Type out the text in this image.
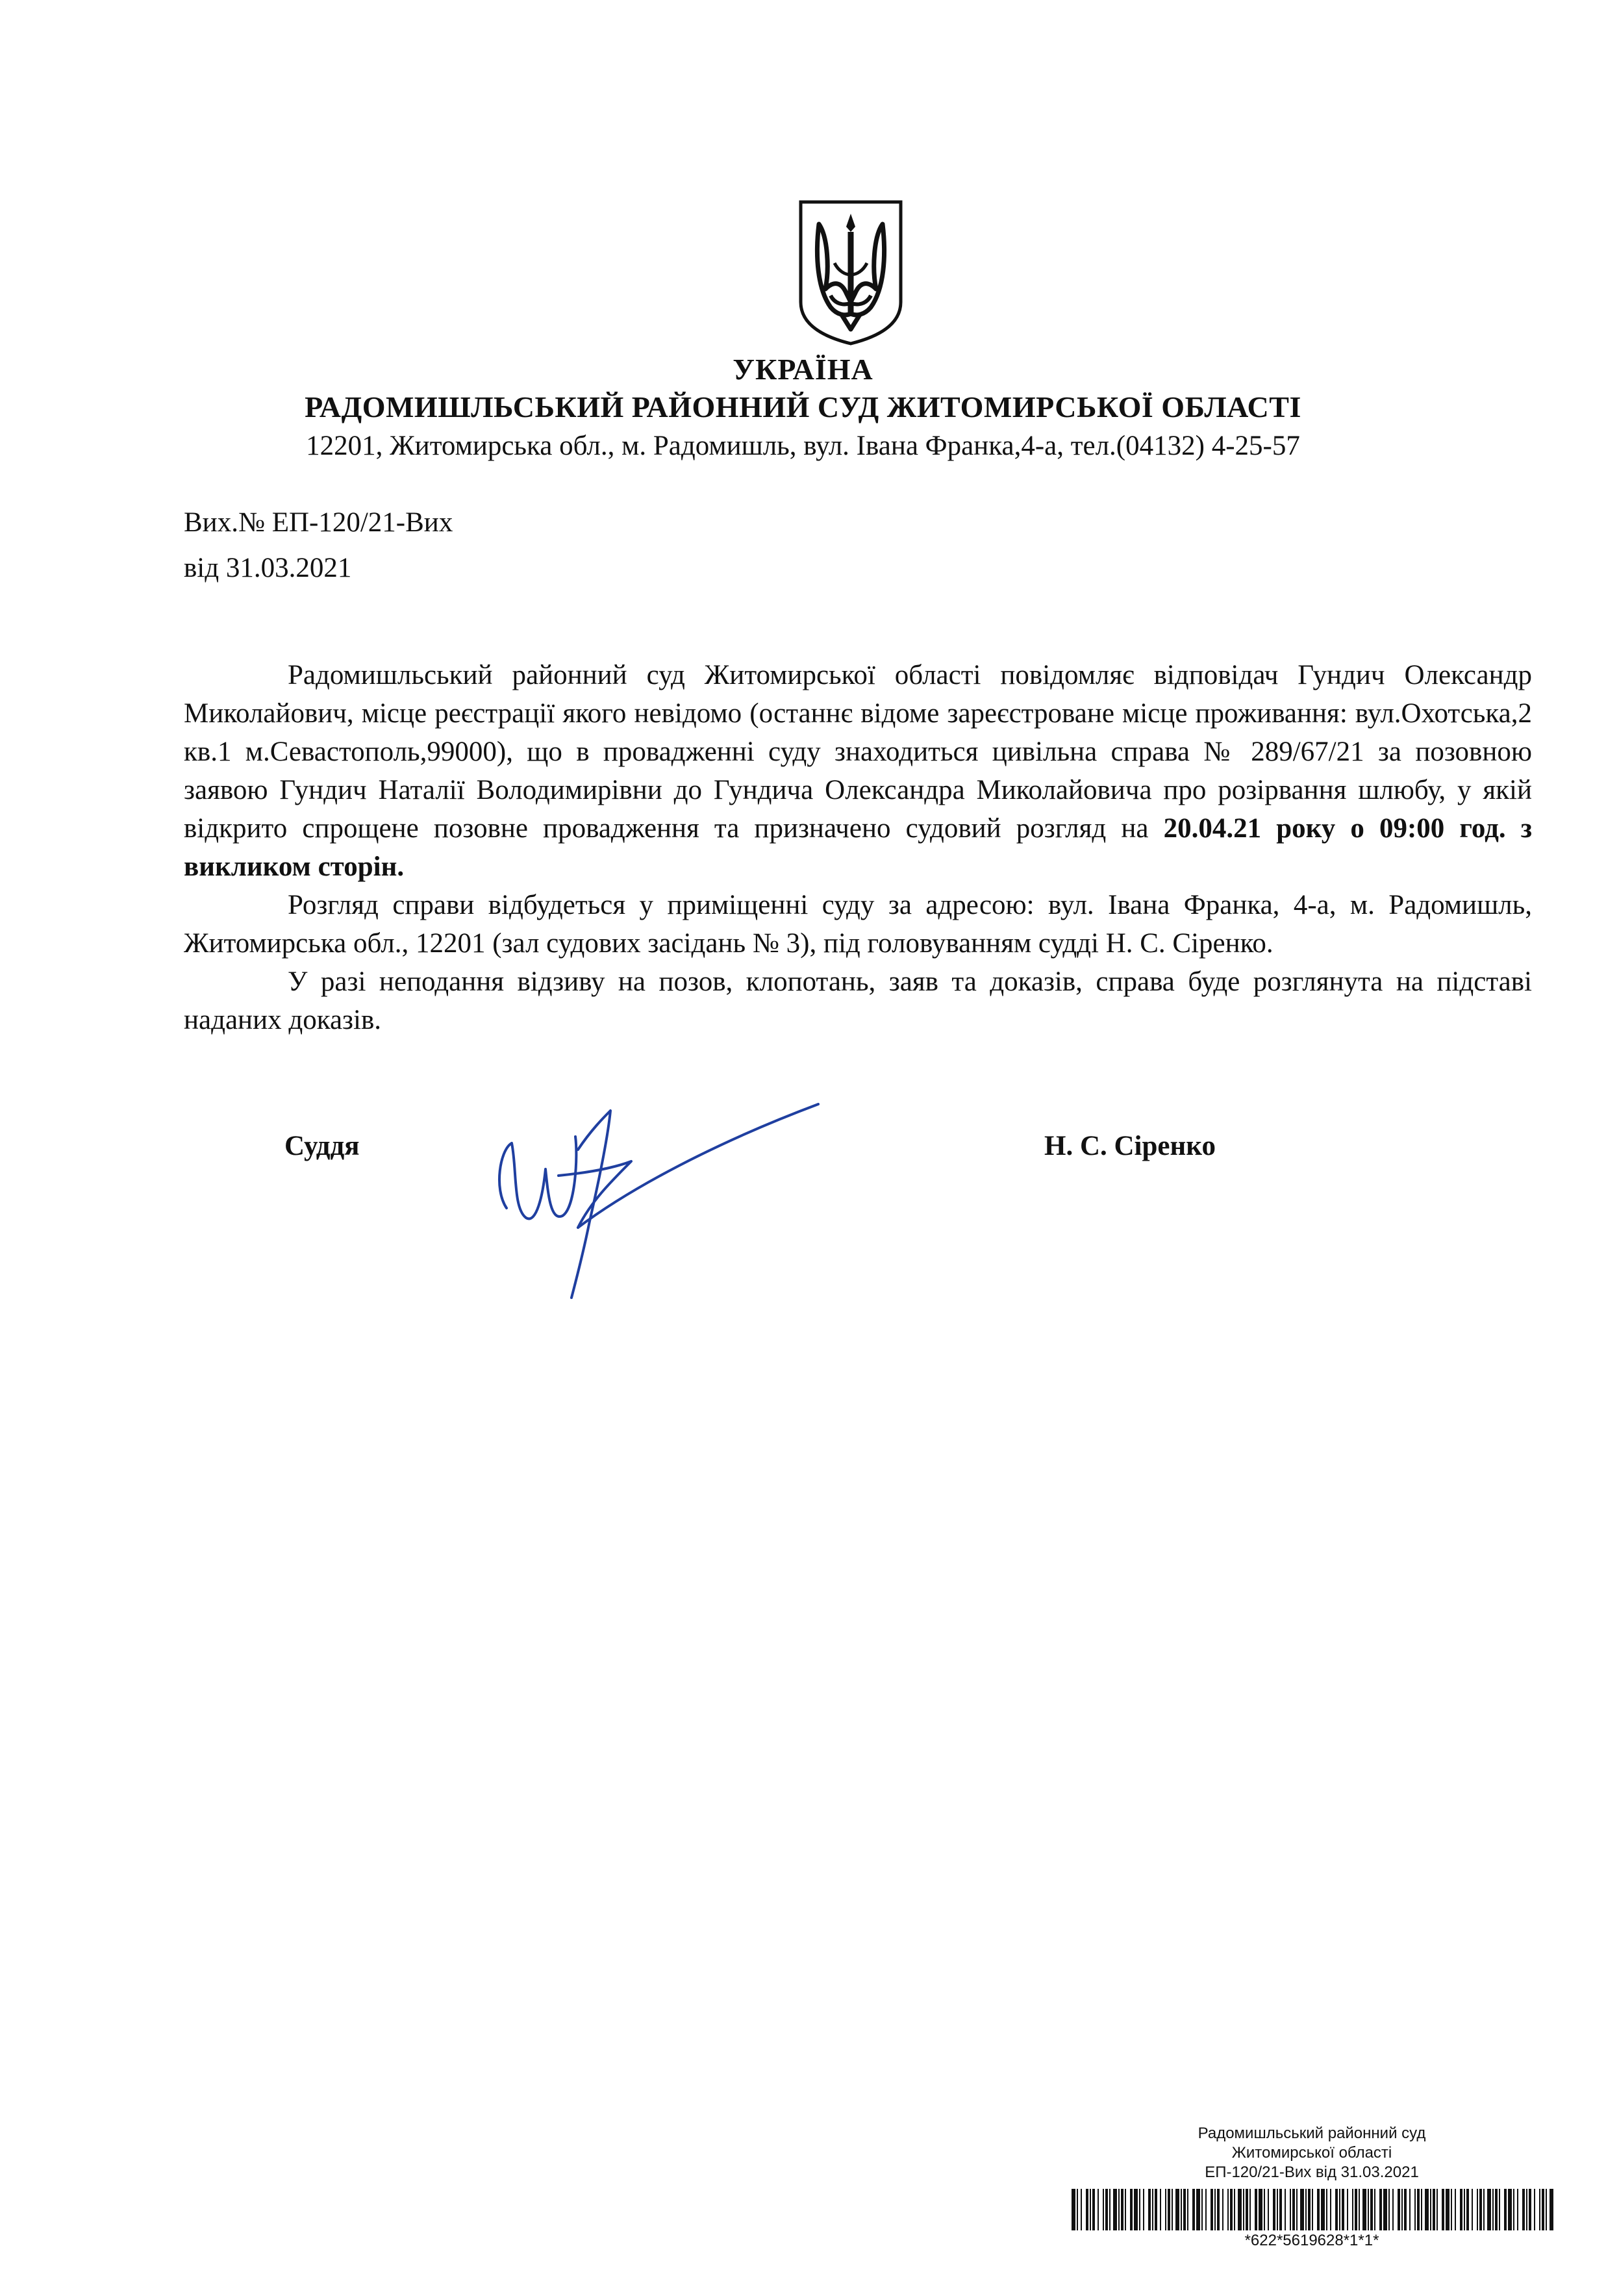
УКРАЇНА
РАДОМИШЛЬСЬКИЙ РАЙОННИЙ СУД ЖИТОМИРСЬКОЇ ОБЛАСТІ
12201, Житомирська обл., м. Радомишль, вул. Івана Франка,4-а, тел.(04132) 4-25-57
Вих.№ ЕП-120/21-Вих
від 31.03.2021

Радомишльський районний суд Житомирської області повідомляє відповідач Гундич Олександр Миколайович, місце реєстрації якого невідомо (останнє відоме зареєстроване місце проживання: вул.Охотська,2 кв.1 м.Севастополь,99000), що в провадженні суду знаходиться цивільна справа № 289/67/21 за позовною заявою Гундич Наталії Володимирівни до Гундича Олександра Миколайовича про розірвання шлюбу, у якій відкрито спрощене позовне провадження та призначено судовий розгляд на 20.04.21 року о 09:00 год. з викликом сторін.

Розгляд справи відбудеться у приміщенні суду за адресою: вул. Івана Франка, 4-а, м. Радомишль, Житомирська обл., 12201 (зал судових засідань № 3), під головуванням судді Н. С. Сіренко.

У разі неподання відзиву на позов, клопотань, заяв та доказів, справа буде розглянута на підставі наданих доказів.

Суддя	Н. С. Сіренко
Радомишльський районний суд
Житомирської області
ЕП-120/21-Вих від 31.03.2021
*622*5619628*1*1*
